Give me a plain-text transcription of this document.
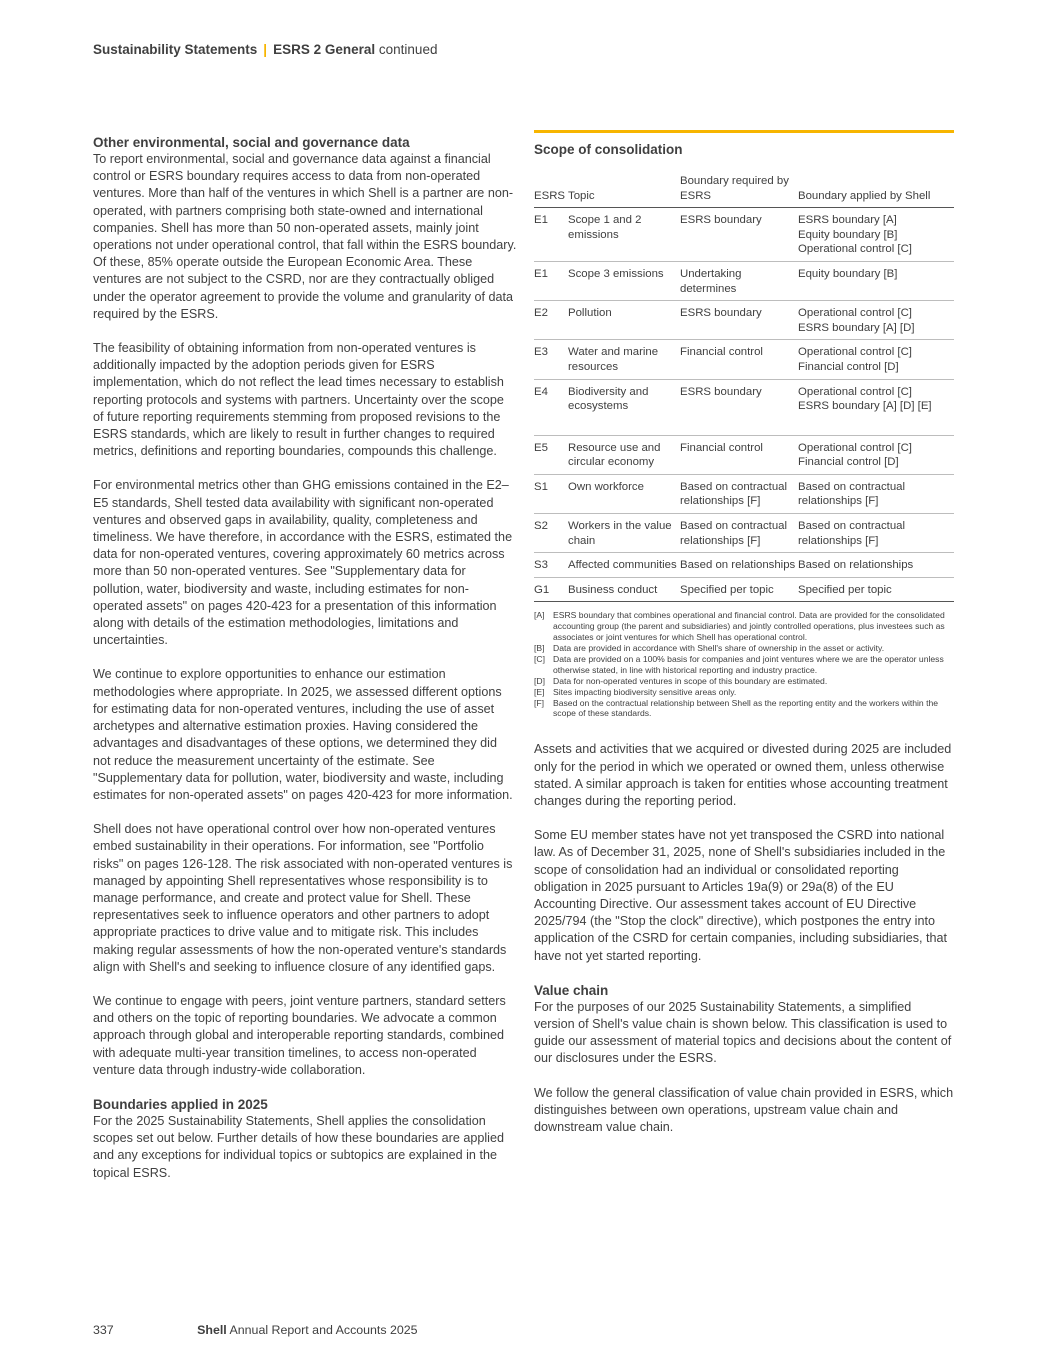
Sustainability Statements | ESRS 2 General continued
Other environmental, social and governance data

To report environmental, social and governance data against a financial control or ESRS boundary requires access to data from non-operated ventures. More than half of the ventures in which Shell is a partner are non-operated, with partners comprising both state-owned and international companies. Shell has more than 50 non-operated assets, mainly joint operations not under operational control, that fall within the ESRS boundary. Of these, 85% operate outside the European Economic Area. These ventures are not subject to the CSRD, nor are they contractually obliged under the operator agreement to provide the volume and granularity of data required by the ESRS.

The feasibility of obtaining information from non-operated ventures is additionally impacted by the adoption periods given for ESRS implementation, which do not reflect the lead times necessary to establish reporting protocols and systems with partners. Uncertainty over the scope of future reporting requirements stemming from proposed revisions to the ESRS standards, which are likely to result in further changes to required metrics, definitions and reporting boundaries, compounds this challenge.

For environmental metrics other than GHG emissions contained in the E2–E5 standards, Shell tested data availability with significant non-operated ventures and observed gaps in availability, quality, completeness and timeliness. We have therefore, in accordance with the ESRS, estimated the data for non-operated ventures, covering approximately 60 metrics across more than 50 non-operated ventures. See "Supplementary data for pollution, water, biodiversity and waste, including estimates for non-operated assets" on pages 420-423 for a presentation of this information along with details of the estimation methodologies, limitations and uncertainties.

We continue to explore opportunities to enhance our estimation methodologies where appropriate. In 2025, we assessed different options for estimating data for non-operated ventures, including the use of asset archetypes and alternative estimation proxies. Having considered the advantages and disadvantages of these options, we determined they did not reduce the measurement uncertainty of the estimate. See "Supplementary data for pollution, water, biodiversity and waste, including estimates for non-operated assets" on pages 420-423 for more information.

Shell does not have operational control over how non-operated ventures embed sustainability in their operations. For information, see "Portfolio risks" on pages 126-128. The risk associated with non-operated ventures is managed by appointing Shell representatives whose responsibility is to manage performance, and create and protect value for Shell. These representatives seek to influence operators and other partners to adopt appropriate practices to drive value and to mitigate risk. This includes making regular assessments of how the non-operated venture's standards align with Shell's and seeking to influence closure of any identified gaps.

We continue to engage with peers, joint venture partners, standard setters and others on the topic of reporting boundaries. We advocate a common approach through global and interoperable reporting standards, combined with adequate multi-year transition timelines, to access non-operated venture data through industry-wide collaboration.

Boundaries applied in 2025

For the 2025 Sustainability Statements, Shell applies the consolidation scopes set out below. Further details of how these boundaries are applied and any exceptions for individual topics or subtopics are explained in the topical ESRS.

Scope of consolidation
ESRS	Topic	Boundary required by ESRS	Boundary applied by Shell
E1	Scope 1 and 2 emissions	ESRS boundary	ESRS boundary [A]
Equity boundary [B]
Operational control [C]

E1	Scope 3 emissions	Undertaking determines	Equity boundary [B]

E2	Pollution	ESRS boundary	Operational control [C]
ESRS boundary [A] [D]

E3	Water and marine resources	Financial control	Operational control [C]
Financial control [D]

E4	Biodiversity and ecosystems	ESRS boundary	Operational control [C]
ESRS boundary [A] [D] [E]

E5	Resource use and circular economy	Financial control	Operational control [C]
Financial control [D]

S1	Own workforce	Based on contractual relationships [F]	Based on contractual relationships [F]

S2	Workers in the value chain	Based on contractual relationships [F]	Based on contractual relationships [F]

S3	Affected communities	Based on relationships	Based on relationships

G1	Business conduct	Specified per topic	Specified per topic
[A] ESRS boundary that combines operational and financial control. Data are provided for the consolidated accounting group (the parent and subsidiaries) and jointly controlled operations, plus investees such as associates or joint ventures for which Shell has operational control.
[B] Data are provided in accordance with Shell's share of ownership in the asset or activity.
[C] Data are provided on a 100% basis for companies and joint ventures where we are the operator unless otherwise stated, in line with historical reporting and industry practice.
[D] Data for non-operated ventures in scope of this boundary are estimated.
[E] Sites impacting biodiversity sensitive areas only.
[F]	Based on the contractual relationship between Shell as the reporting entity and the workers within the scope of these standards.

Assets and activities that we acquired or divested during 2025 are included only for the period in which we operated or owned them, unless otherwise stated. A similar approach is taken for entities whose accounting treatment changes during the reporting period.

Some EU member states have not yet transposed the CSRD into national law. As of December 31, 2025, none of Shell's subsidiaries included in the scope of consolidation had an individual or consolidated reporting obligation in 2025 pursuant to Articles 19a(9) or 29a(8) of the EU Accounting Directive. Our assessment takes account of EU Directive 2025/794 (the "Stop the clock" directive), which postpones the entry into application of the CSRD for certain companies, including subsidiaries, that have not yet started reporting.

Value chain

For the purposes of our 2025 Sustainability Statements, a simplified version of Shell's value chain is shown below. This classification is used to guide our assessment of material topics and decisions about the content of our disclosures under the ESRS.

We follow the general classification of value chain provided in ESRS, which distinguishes between own operations, upstream value chain and downstream value chain.

337	Shell Annual Report and Accounts 2025
